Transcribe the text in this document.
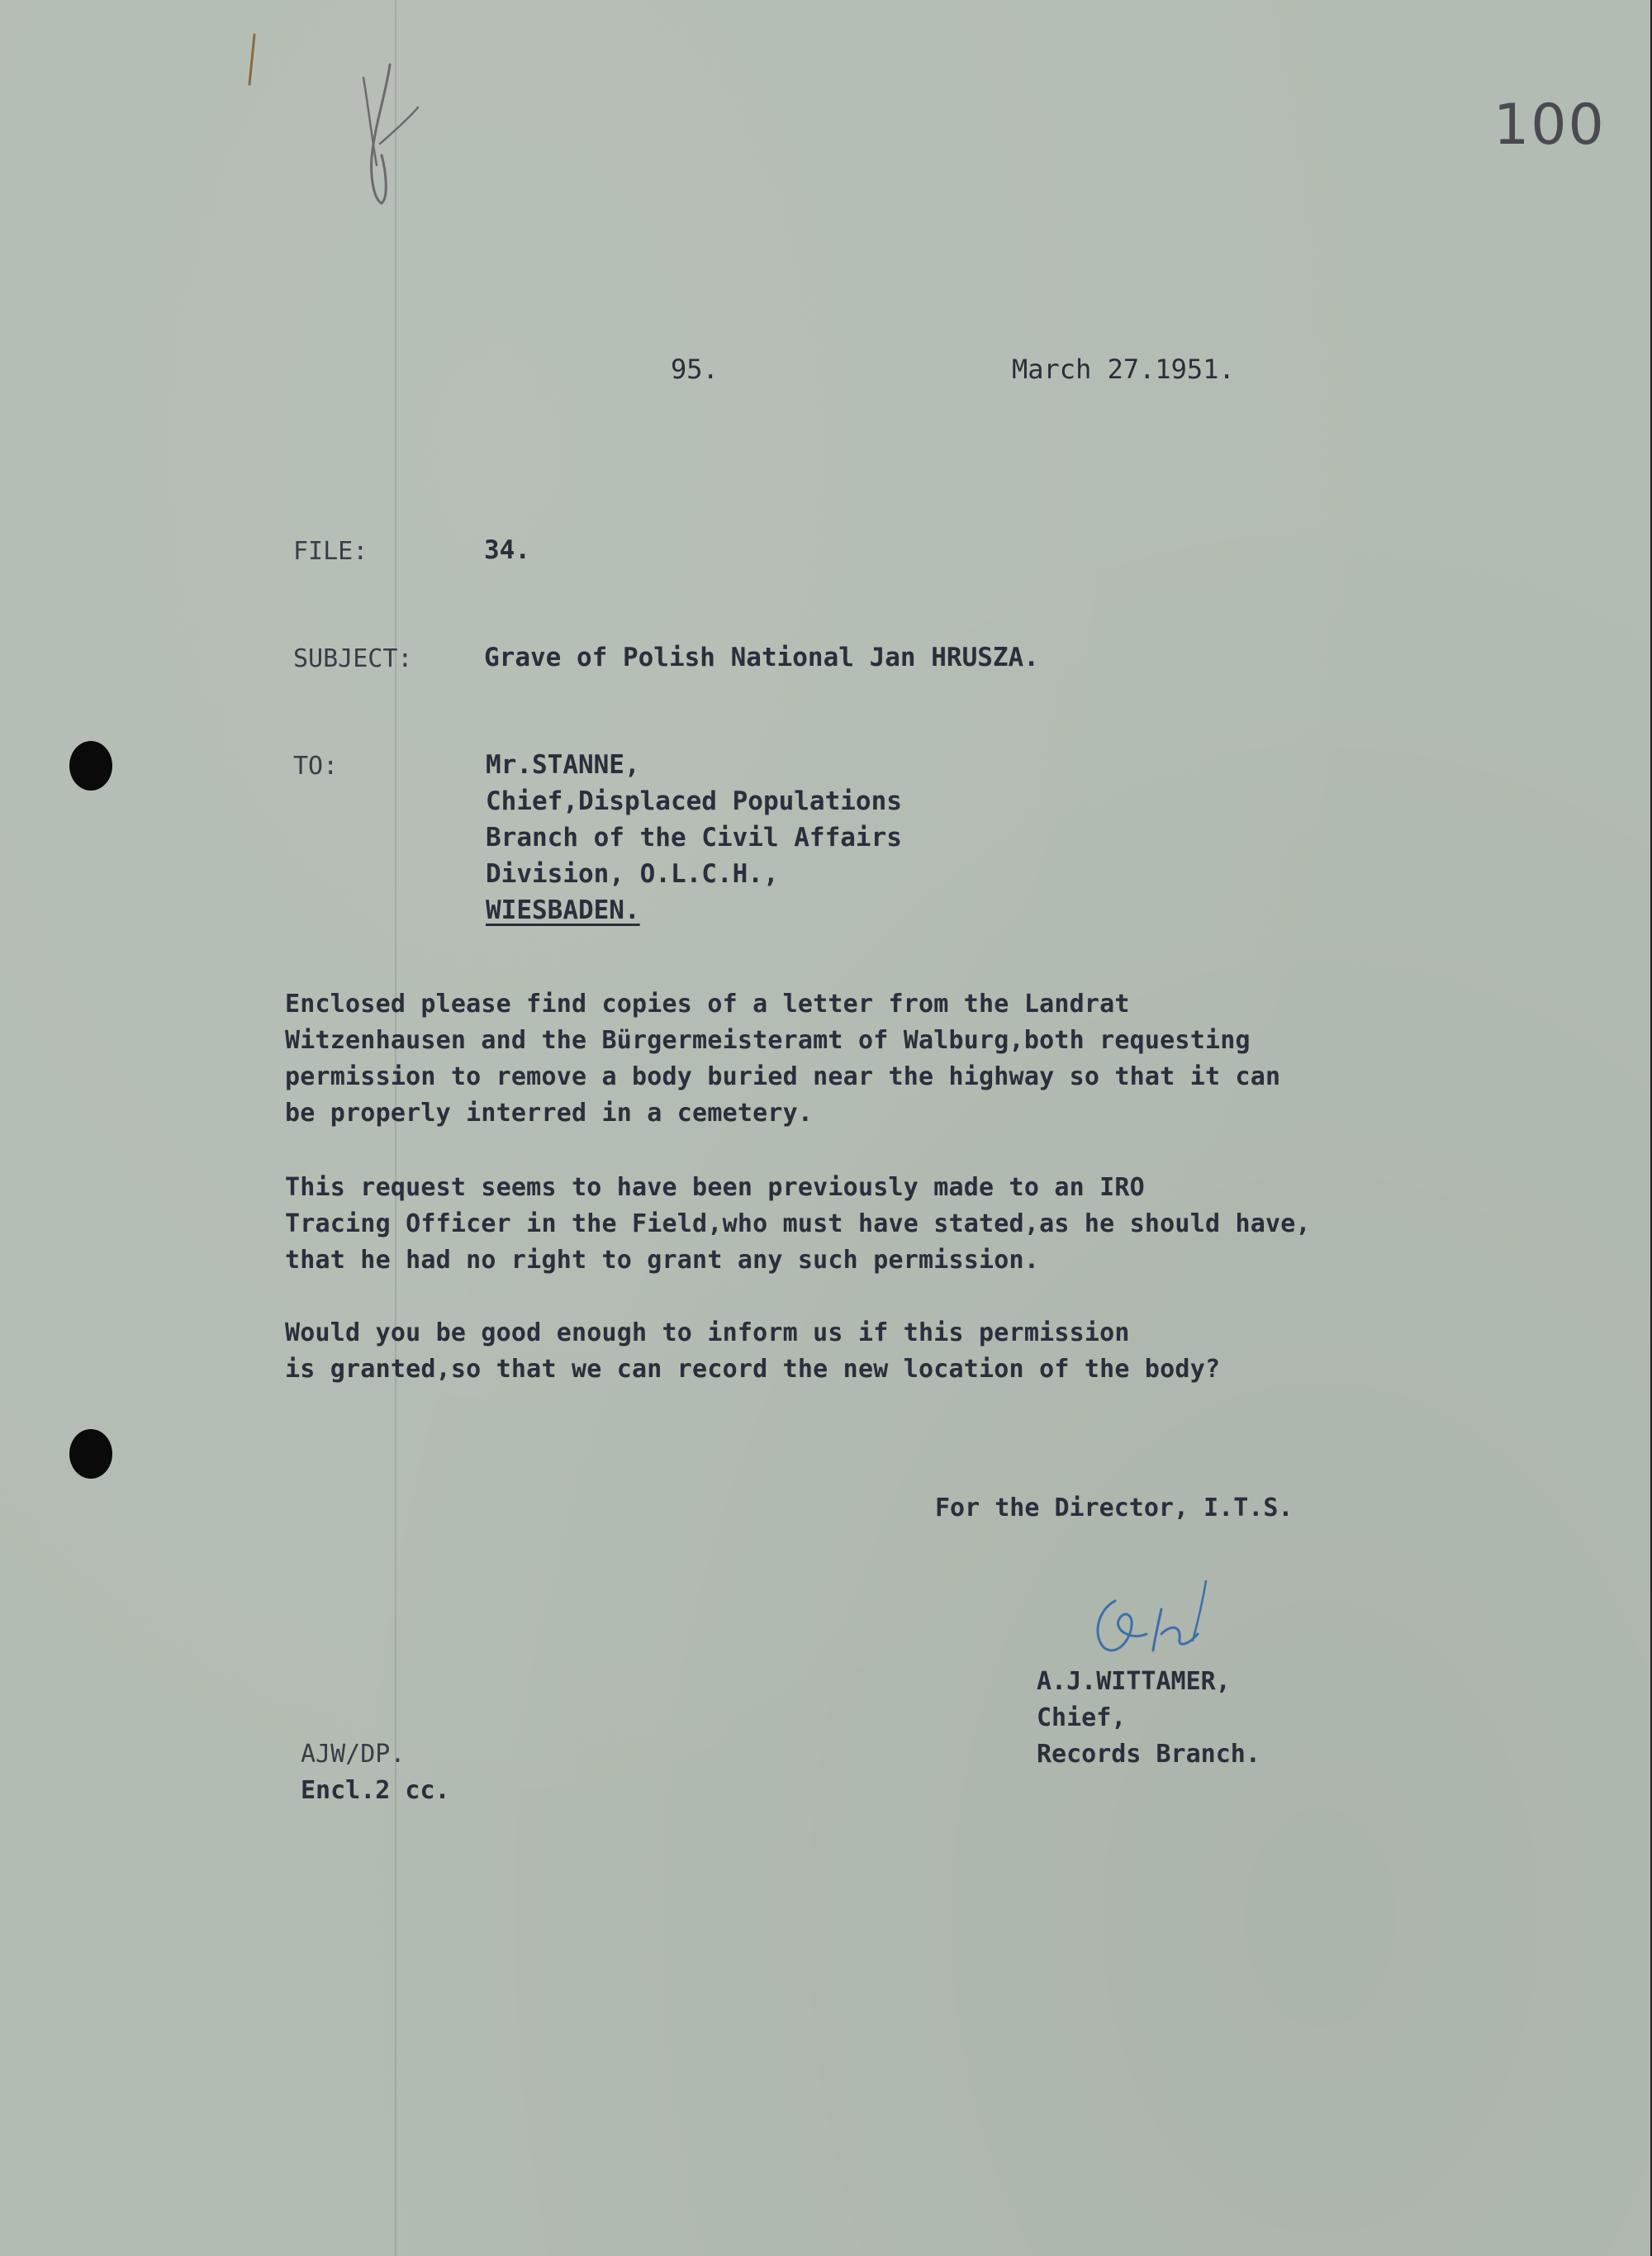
100
95.	March 27.1951.
FILE:	34.
SUBJECT:	Grave of Polish National Jan HRUSZA.
TO:	Mr.STANNE,
Chief,Displaced Populations
Branch of the Civil Affairs
Division, O.L.C.H.,
WIESBADEN.
Enclosed please find copies of a letter from the Landrat
Witzenhausen and the Bürgermeisteramt of Walburg,both requesting
permission to remove a body buried near the highway so that it can
be properly interred in a cemetery.
This request seems to have been previously made to an IRO
Tracing Officer in the Field,who must have stated,as he should have,
that he had no right to grant any such permission.
Would you be good enough to inform us if this permission
is granted,so that we can record the new location of the body?
For the Director, I.T.S.
A.J.WITTAMER,
Chief,
Records Branch.
AJW/DP.
Encl.2 cc.
